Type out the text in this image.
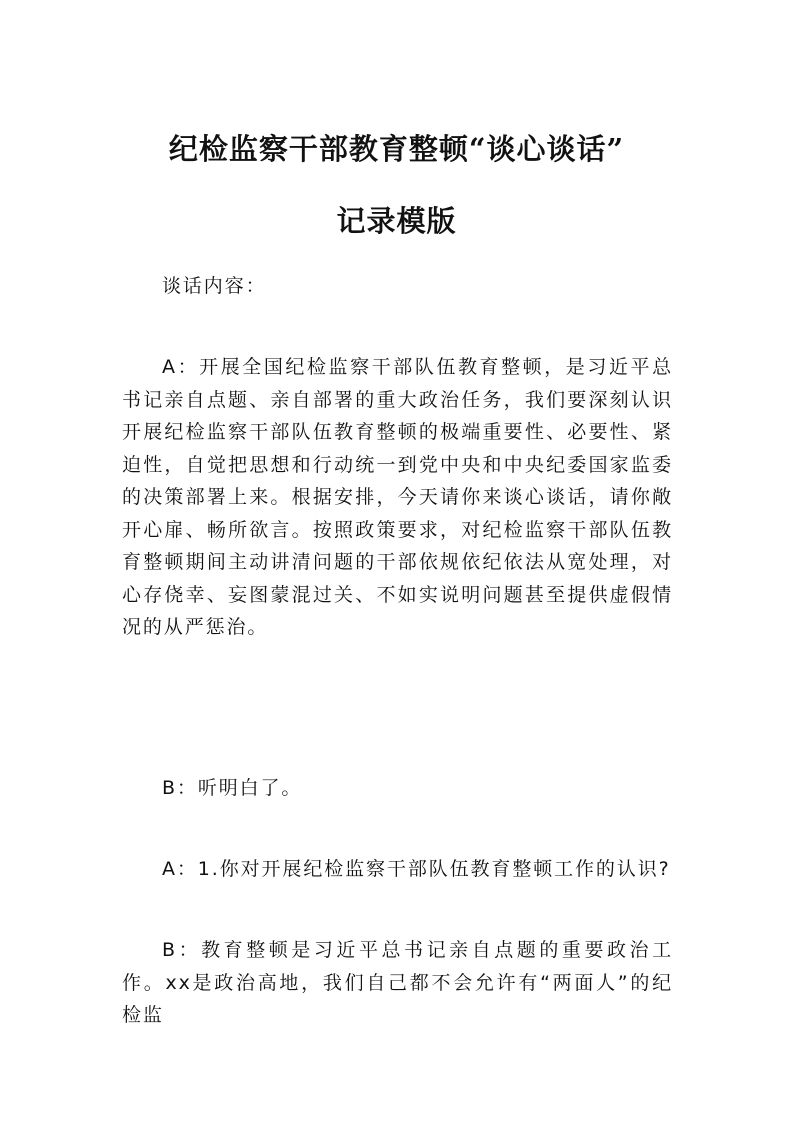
纪检监察干部教育整顿“谈心谈话”
记录模版

谈话内容：

A：开展全国纪检监察干部队伍教育整顿，是习近平总书记亲自点题、亲自部署的重大政治任务，我们要深刻认识开展纪检监察干部队伍教育整顿的极端重要性、必要性、紧迫性，自觉把思想和行动统一到党中央和中央纪委国家监委的决策部署上来。根据安排，今天请你来谈心谈话，请你敞开心扉、畅所欲言。按照政策要求，对纪检监察干部队伍教育整顿期间主动讲清问题的干部依规依纪依法从宽处理，对心存侥幸、妄图蒙混过关、不如实说明问题甚至提供虚假情况的从严惩治。

B：听明白了。

A：1.你对开展纪检监察干部队伍教育整顿工作的认识?

B：教育整顿是习近平总书记亲自点题的重要政治工作。xx是政治高地，我们自己都不会允许有“两面人”的纪检监
